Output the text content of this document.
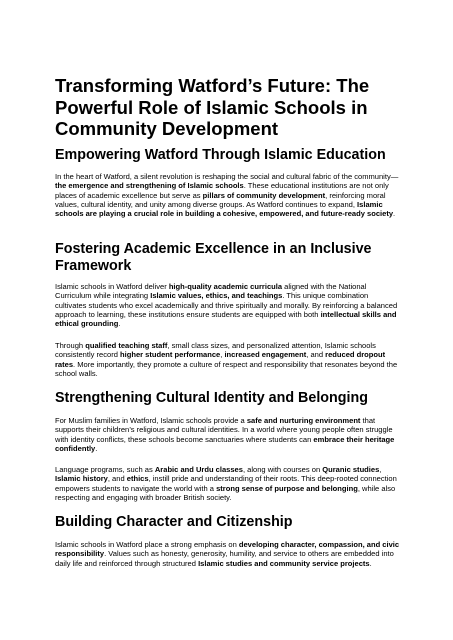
Transforming Watford’s Future: The Powerful Role of Islamic Schools in Community Development
Empowering Watford Through Islamic Education

In the heart of Watford, a silent revolution is reshaping the social and cultural fabric of the community—the emergence and strengthening of Islamic schools. These educational institutions are not only places of academic excellence but serve as pillars of community development, reinforcing moral values, cultural identity, and unity among diverse groups. As Watford continues to expand, Islamic schools are playing a crucial role in building a cohesive, empowered, and future-ready society.

Fostering Academic Excellence in an Inclusive Framework

Islamic schools in Watford deliver high-quality academic curricula aligned with the National Curriculum while integrating Islamic values, ethics, and teachings. This unique combination cultivates students who excel academically and thrive spiritually and morally. By reinforcing a balanced approach to learning, these institutions ensure students are equipped with both intellectual skills and ethical grounding.

Through qualified teaching staff, small class sizes, and personalized attention, Islamic schools consistently record higher student performance, increased engagement, and reduced dropout rates. More importantly, they promote a culture of respect and responsibility that resonates beyond the school walls.

Strengthening Cultural Identity and Belonging

For Muslim families in Watford, Islamic schools provide a safe and nurturing environment that supports their children’s religious and cultural identities. In a world where young people often struggle with identity conflicts, these schools become sanctuaries where students can embrace their heritage confidently.

Language programs, such as Arabic and Urdu classes, along with courses on Quranic studies, Islamic history, and ethics, instill pride and understanding of their roots. This deep-rooted connection empowers students to navigate the world with a strong sense of purpose and belonging, while also respecting and engaging with broader British society.

Building Character and Citizenship

Islamic schools in Watford place a strong emphasis on developing character, compassion, and civic responsibility. Values such as honesty, generosity, humility, and service to others are embedded into daily life and reinforced through structured Islamic studies and community service projects.
